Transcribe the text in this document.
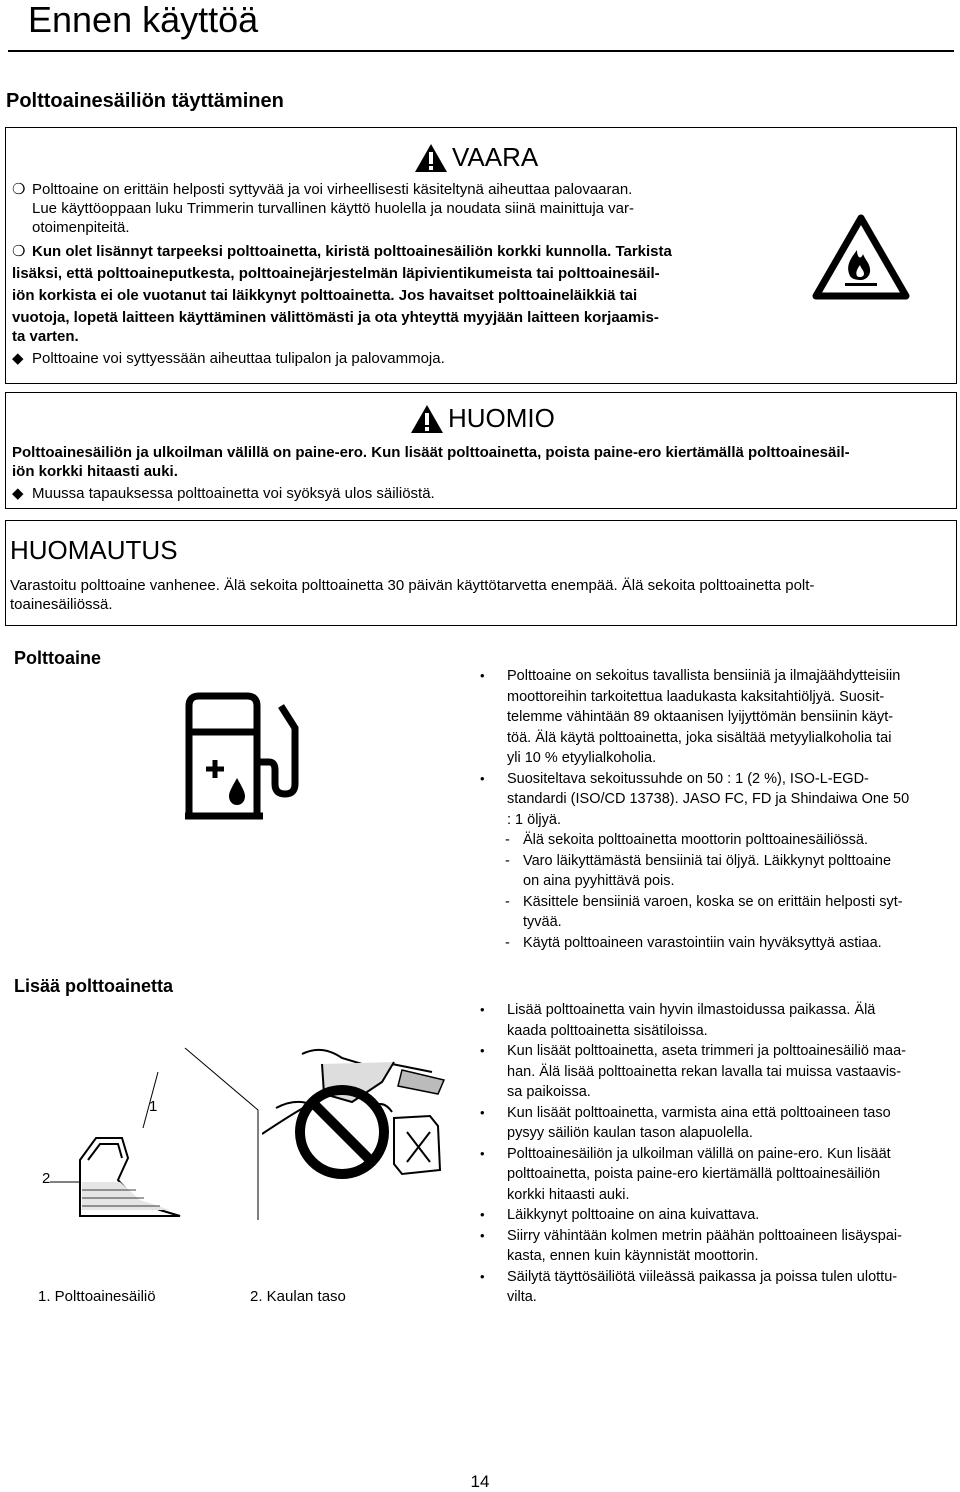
Ennen käyttöä
Polttoainesäiliön täyttäminen
VAARA
❍ Polttoaine on erittäin helposti syttyvää ja voi virheellisesti käsiteltynä aiheuttaa palovaaran.
Lue käyttöoppaan luku Trimmerin turvallinen käyttö huolella ja noudata siinä mainittuja var-
otoimenpiteitä.
❍ Kun olet lisännyt tarpeeksi polttoainetta, kiristä polttoainesäiliön korkki kunnolla. Tarkista
lisäksi, että polttoaineputkesta, polttoainejärjestelmän läpivientikumeista tai polttoainesäil-
iön korkista ei ole vuotanut tai läikkynyt polttoainetta. Jos havaitset polttoaineläikkiä tai
vuotoja, lopetä laitteen käyttäminen välittömästi ja ota yhteyttä myyjään laitteen korjaamis-
ta varten.
◆ Polttoaine voi syttyessään aiheuttaa tulipalon ja palovammoja.
HUOMIO
Polttoainesäiliön ja ulkoilman välillä on paine-ero. Kun lisäät polttoainetta, poista paine-ero kiertämällä polttoainesäil-
iön korkki hitaasti auki.
◆ Muussa tapauksessa polttoainetta voi syöksyä ulos säiliöstä.
HUOMAUTUS
Varastoitu polttoaine vanhenee. Älä sekoita polttoainetta 30 päivän käyttötarvetta enempää. Älä sekoita polttoainetta polt-
toainesäiliössä.
Polttoaine
• Polttoaine on sekoitus tavallista bensiiniä ja ilmajäähdytteisiin
moottoreihin tarkoitettua laadukasta kaksitahtiöljyä. Suosit-
telemme vähintään 89 oktaanisen lyijyttömän bensiinin käyt-
töä. Älä käytä polttoainetta, joka sisältää metyylialkoholia tai
yli 10 % etyylialkoholia.
• Suositeltava sekoitussuhde on 50 : 1 (2 %), ISO-L-EGD-
standardi (ISO/CD 13738). JASO FC, FD ja Shindaiwa One 50
: 1 öljyä.
- Älä sekoita polttoainetta moottorin polttoainesäiliössä.
- Varo läikyttämästä bensiiniä tai öljyä. Läikkynyt polttoaine
on aina pyyhittävä pois.
- Käsittele bensiiniä varoen, koska se on erittäin helposti syt-
tyvää.
- Käytä polttoaineen varastointiin vain hyväksyttyä astiaa.
Lisää polttoainetta
1
2
1. Polttoainesäiliö	2. Kaulan taso
• Lisää polttoainetta vain hyvin ilmastoidussa paikassa. Älä
kaada polttoainetta sisätiloissa.
• Kun lisäät polttoainetta, aseta trimmeri ja polttoainesäiliö maa-
han. Älä lisää polttoainetta rekan lavalla tai muissa vastaavis-
sa paikoissa.
• Kun lisäät polttoainetta, varmista aina että polttoaineen taso
pysyy säiliön kaulan tason alapuolella.
• Polttoainesäiliön ja ulkoilman välillä on paine-ero. Kun lisäät
polttoainetta, poista paine-ero kiertämällä polttoainesäiliön
korkki hitaasti auki.
• Läikkynyt polttoaine on aina kuivattava.
• Siirry vähintään kolmen metrin päähän polttoaineen lisäyspai-
kasta, ennen kuin käynnistät moottorin.
• Säilytä täyttösäiliötä viileässä paikassa ja poissa tulen ulottu-
vilta.
14
